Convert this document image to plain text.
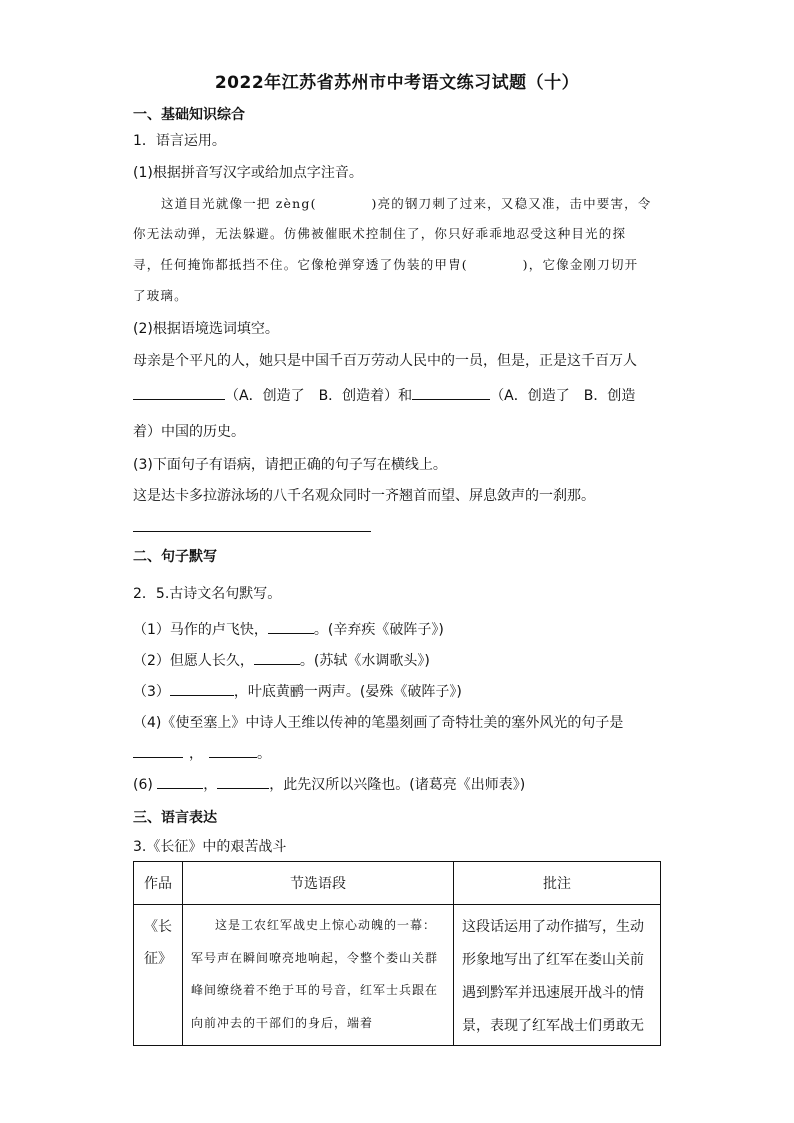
2022年江苏省苏州市中考语文练习试题（十）
一、基础知识综合
1．语言运用。
(1)根据拼音写汉字或给加点字注音。
这道目光就像一把 zèng(　　　　)亮的钢刀刺了过来，又稳又准，击中要害，令
你无法动弹，无法躲避。仿佛被催眠术控制住了，你只好乖乖地忍受这种目光的探
寻，任何掩饰都抵挡不住。它像枪弹穿透了伪装的甲胄(　　　　)，它像金刚刀切开
了玻璃。
(2)根据语境选词填空。
母亲是个平凡的人，她只是中国千百万劳动人民中的一员，但是，正是这千百万人
（A．创造了　B．创造着）和	（A．创造了　B．创造
着）中国的历史。
(3)下面句子有语病，请把正确的句子写在横线上。
这是达卡多拉游泳场的八千名观众同时一齐翘首而望、屏息敛声的一刹那。
二、句子默写
2．5.古诗文名句默写。
（1）马作的卢飞快，	。(辛弃疾《破阵子》)
（2）但愿人长久，	。(苏轼《水调歌头》)
（3）	，叶底黄鹂一两声。(晏殊《破阵子》)
（4)《使至塞上》中诗人王维以传神的笔墨刻画了奇特壮美的塞外风光的句子是
，	。
(6)	，	，此先汉所以兴隆也。(诸葛亮《出师表》)
三、语言表达
3.《长征》中的艰苦战斗
作品	节选语段	批注

《长征》	这是工农红军战史上惊心动魄的一幕：军号声在瞬间嘹亮地响起，令整个娄山关群峰间缭绕着不绝于耳的号音，红军士兵跟在向前冲去的干部们的身后，端着	这段话运用了动作描写，生动形象地写出了红军在娄山关前遇到黔军并迅速展开战斗的情景，表现了红军战士们勇敢无
